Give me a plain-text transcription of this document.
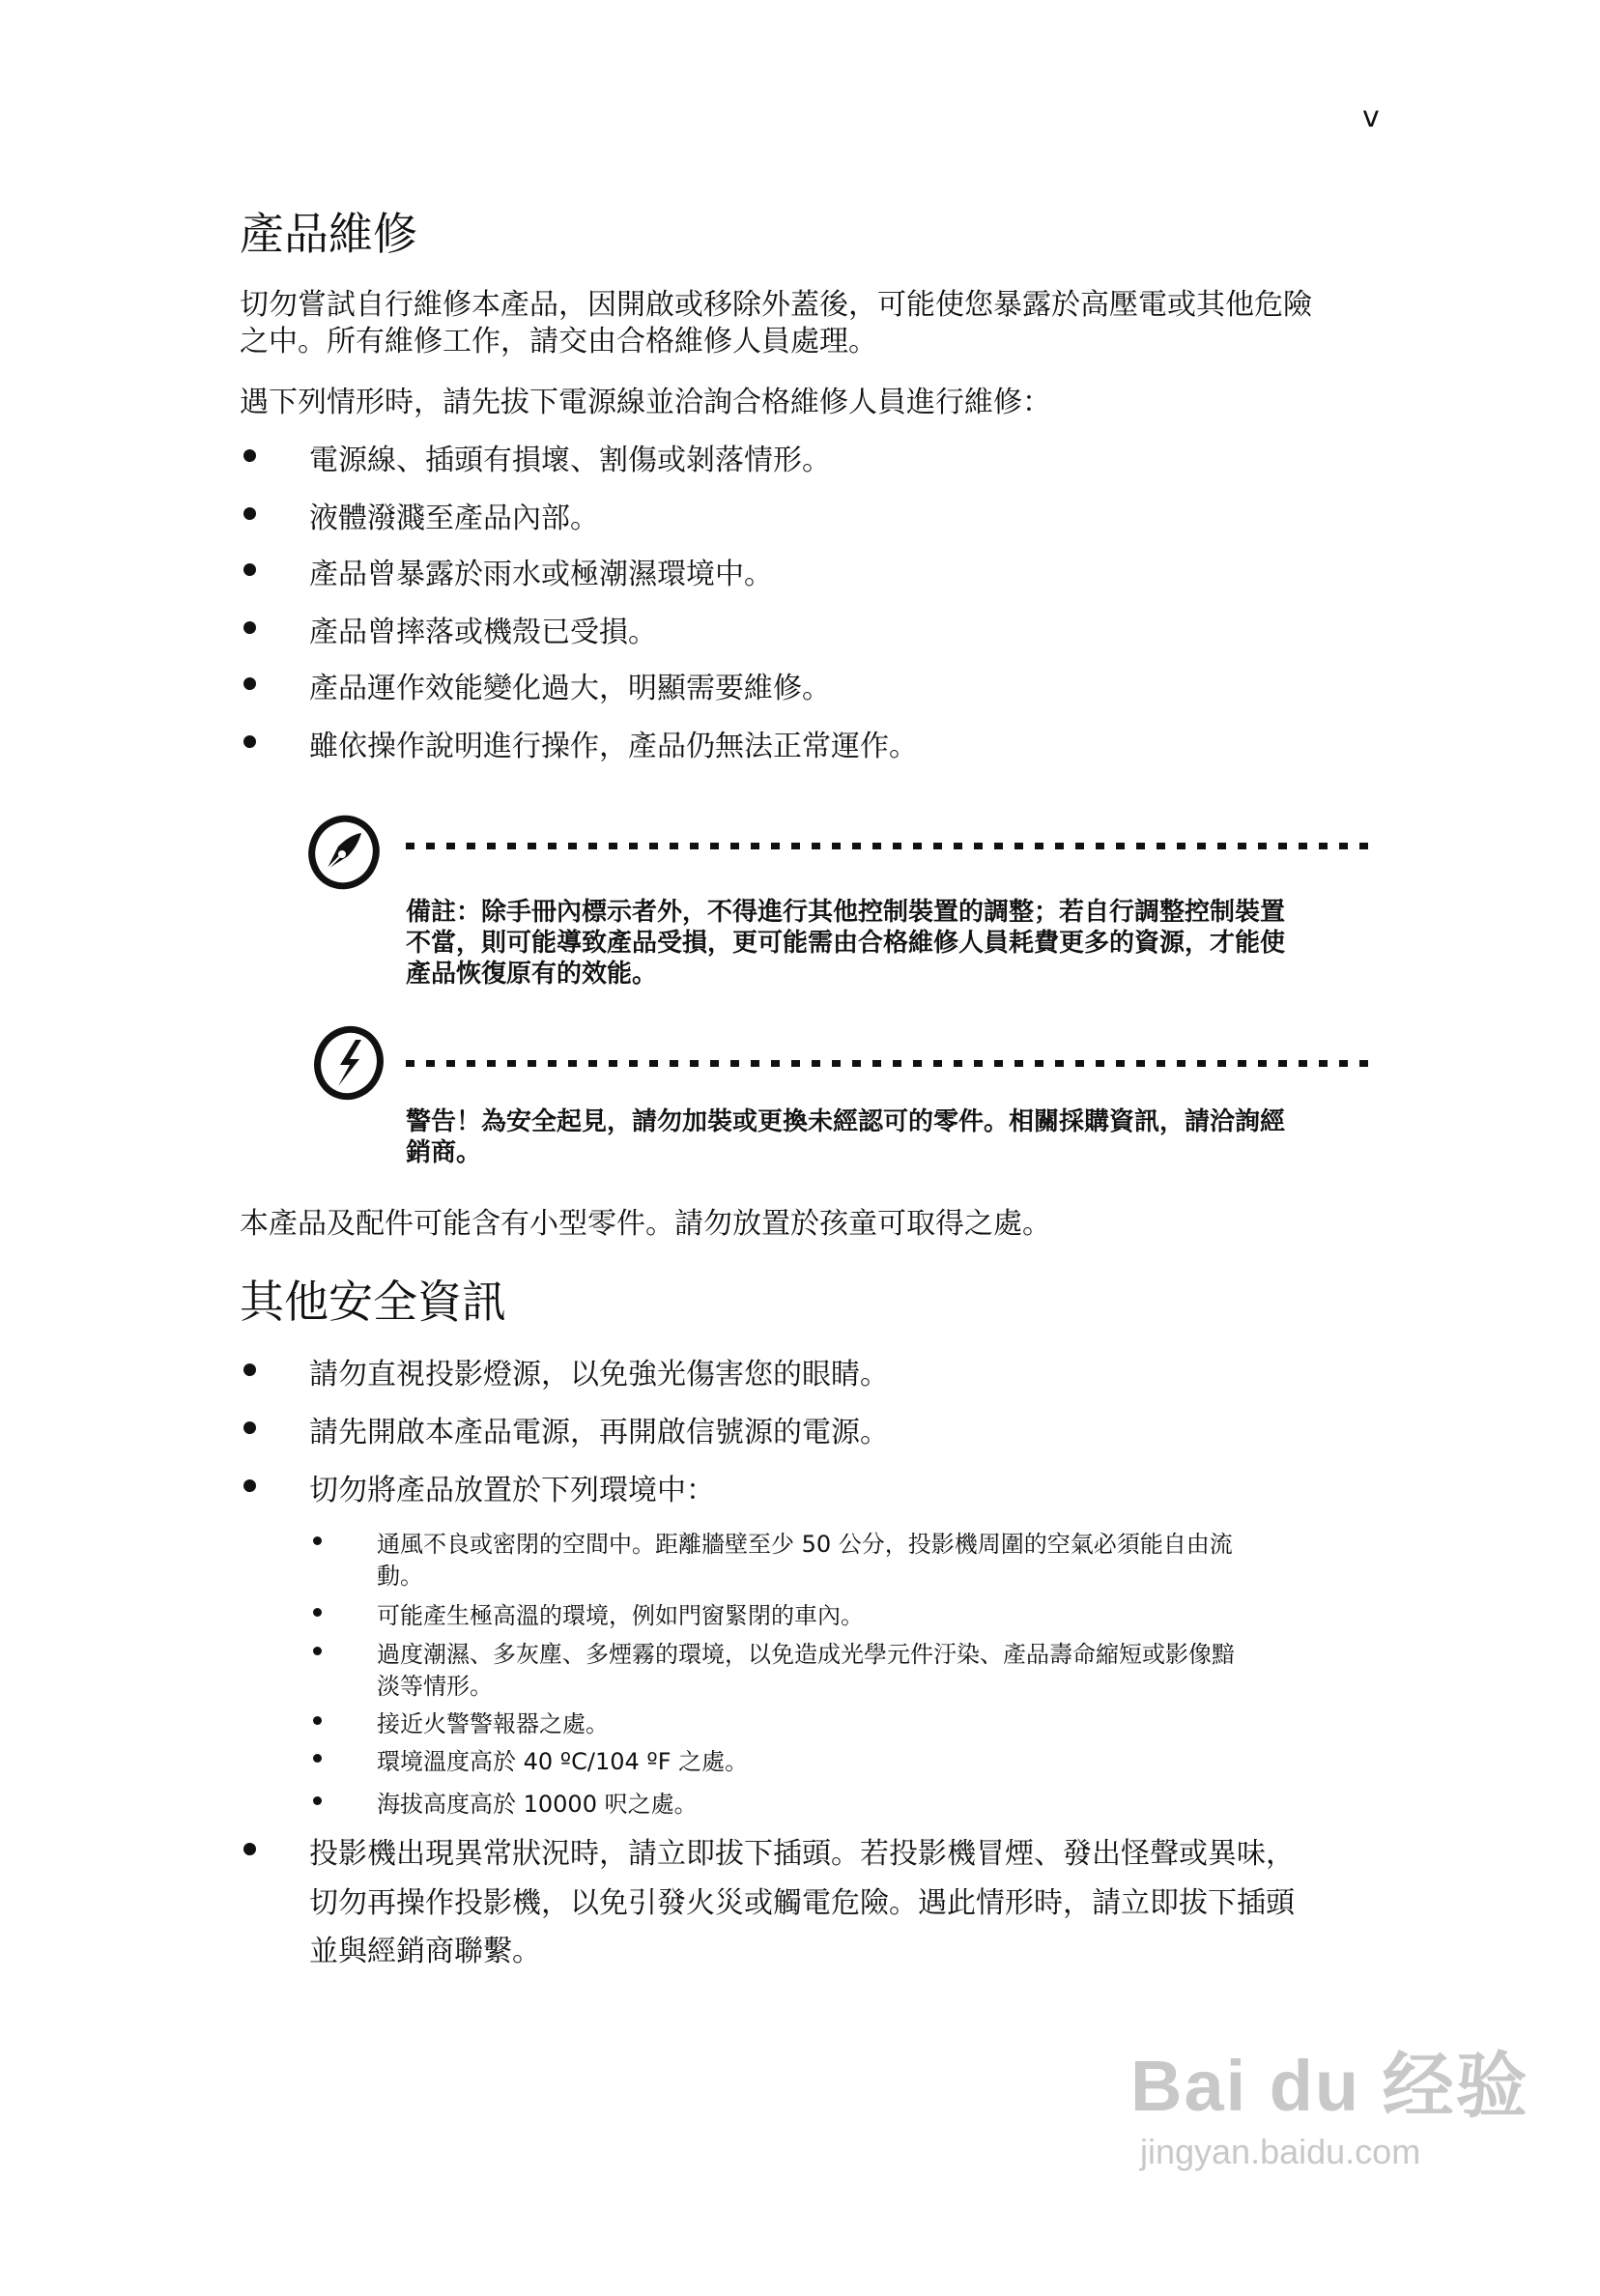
v
產品維修
切勿嘗試自行維修本產品，因開啟或移除外蓋後，可能使您暴露於高壓電或其他危險
之中。所有維修工作，請交由合格維修人員處理。
遇下列情形時，請先拔下電源線並洽詢合格維修人員進行維修：
電源線、插頭有損壞、割傷或剝落情形。
液體潑濺至產品內部。
產品曾暴露於雨水或極潮濕環境中。
產品曾摔落或機殼已受損。
產品運作效能變化過大，明顯需要維修。
雖依操作說明進行操作，產品仍無法正常運作。
備註：除手冊內標示者外，不得進行其他控制裝置的調整；若自行調整控制裝置
不當，則可能導致產品受損，更可能需由合格維修人員耗費更多的資源，才能使
產品恢復原有的效能。
警告！為安全起見，請勿加裝或更換未經認可的零件。相關採購資訊，請洽詢經
銷商。
本產品及配件可能含有小型零件。請勿放置於孩童可取得之處。
其他安全資訊
請勿直視投影燈源，以免強光傷害您的眼睛。
請先開啟本產品電源，再開啟信號源的電源。
切勿將產品放置於下列環境中：
通風不良或密閉的空間中。距離牆壁至少 50 公分，投影機周圍的空氣必須能自由流
動。
可能產生極高溫的環境，例如門窗緊閉的車內。
過度潮濕、多灰塵、多煙霧的環境，以免造成光學元件汙染、產品壽命縮短或影像黯
淡等情形。
接近火警警報器之處。
環境溫度高於 40 ºC/104 ºF 之處。
海拔高度高於 10000 呎之處。
投影機出現異常狀況時，請立即拔下插頭。若投影機冒煙、發出怪聲或異味，
切勿再操作投影機，以免引發火災或觸電危險。遇此情形時，請立即拔下插頭
並與經銷商聯繫。
Bai du 经验
jingyan.baidu.com
